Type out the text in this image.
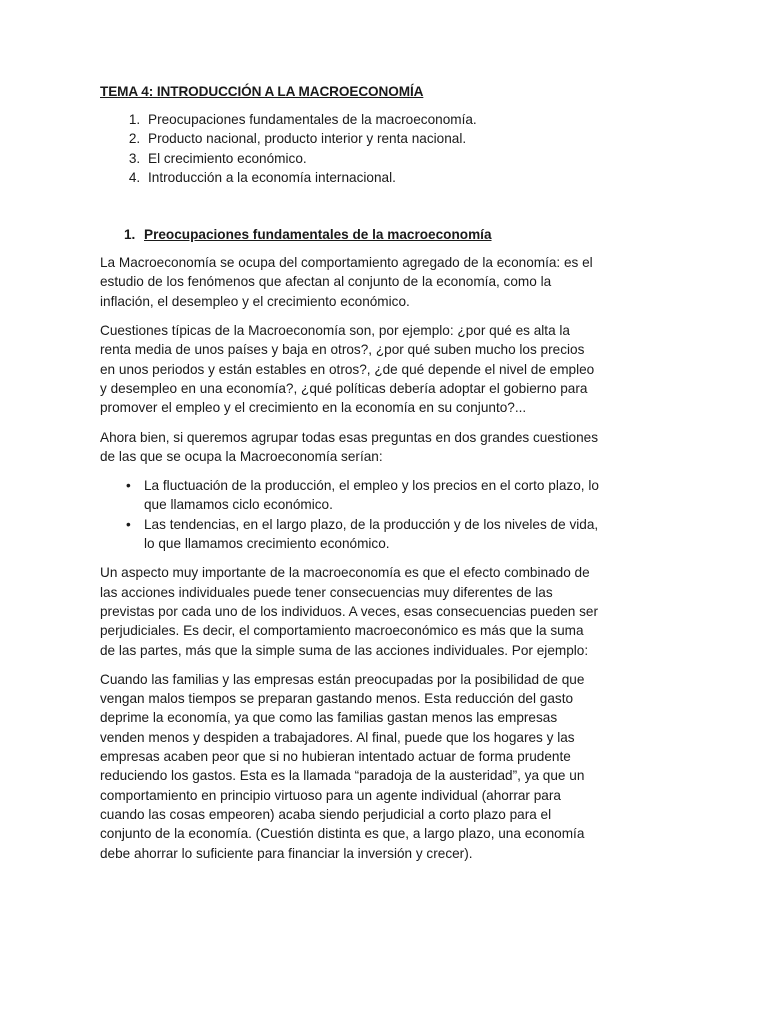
TEMA 4: INTRODUCCIÓN A LA MACROECONOMÍA
1. Preocupaciones fundamentales de la macroeconomía.
2. Producto nacional, producto interior y renta nacional.
3. El crecimiento económico.
4. Introducción a la economía internacional.
1. Preocupaciones fundamentales de la macroeconomía

La Macroeconomía se ocupa del comportamiento agregado de la economía: es el estudio de los fenómenos que afectan al conjunto de la economía, como la inflación, el desempleo y el crecimiento económico.

Cuestiones típicas de la Macroeconomía son, por ejemplo: ¿por qué es alta la renta media de unos países y baja en otros?, ¿por qué suben mucho los precios en unos periodos y están estables en otros?, ¿de qué depende el nivel de empleo y desempleo en una economía?, ¿qué políticas debería adoptar el gobierno para promover el empleo y el crecimiento en la economía en su conjunto?...

Ahora bien, si queremos agrupar todas esas preguntas en dos grandes cuestiones de las que se ocupa la Macroeconomía serían:

• La fluctuación de la producción, el empleo y los precios en el corto plazo, lo que llamamos ciclo económico.
• Las tendencias, en el largo plazo, de la producción y de los niveles de vida, lo que llamamos crecimiento económico.

Un aspecto muy importante de la macroeconomía es que el efecto combinado de las acciones individuales puede tener consecuencias muy diferentes de las previstas por cada uno de los individuos. A veces, esas consecuencias pueden ser perjudiciales. Es decir, el comportamiento macroeconómico es más que la suma de las partes, más que la simple suma de las acciones individuales. Por ejemplo:

Cuando las familias y las empresas están preocupadas por la posibilidad de que vengan malos tiempos se preparan gastando menos. Esta reducción del gasto deprime la economía, ya que como las familias gastan menos las empresas venden menos y despiden a trabajadores. Al final, puede que los hogares y las empresas acaben peor que si no hubieran intentado actuar de forma prudente reduciendo los gastos. Esta es la llamada “paradoja de la austeridad”, ya que un comportamiento en principio virtuoso para un agente individual (ahorrar para cuando las cosas empeoren) acaba siendo perjudicial a corto plazo para el conjunto de la economía. (Cuestión distinta es que, a largo plazo, una economía debe ahorrar lo suficiente para financiar la inversión y crecer).
